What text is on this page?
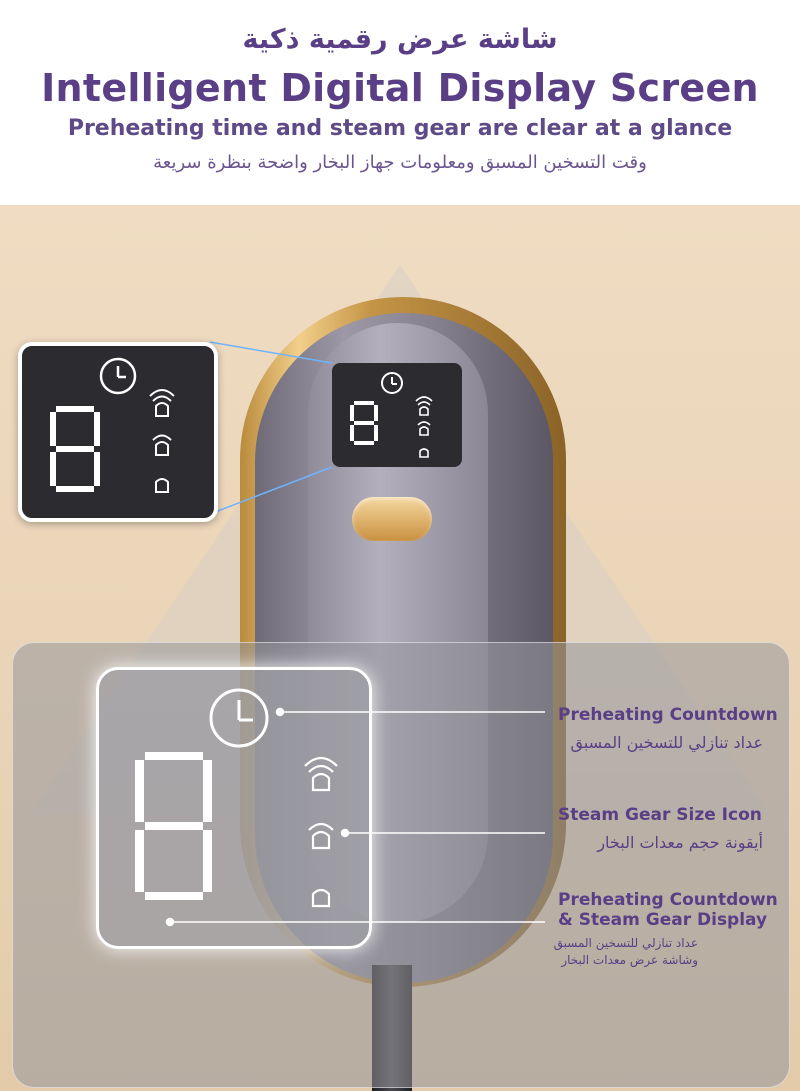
شاشة عرض رقمية ذكية
Intelligent Digital Display Screen
Preheating time and steam gear are clear at a glance
وقت التسخين المسبق ومعلومات جهاز البخار واضحة بنظرة سريعة
Preheating Countdown
عداد تنازلي للتسخين المسبق
Steam Gear Size Icon
أيقونة حجم معدات البخار
Preheating Countdown
& Steam Gear Display
عداد تنازلي للتسخين المسبق
وشاشة عرض معدات البخار
